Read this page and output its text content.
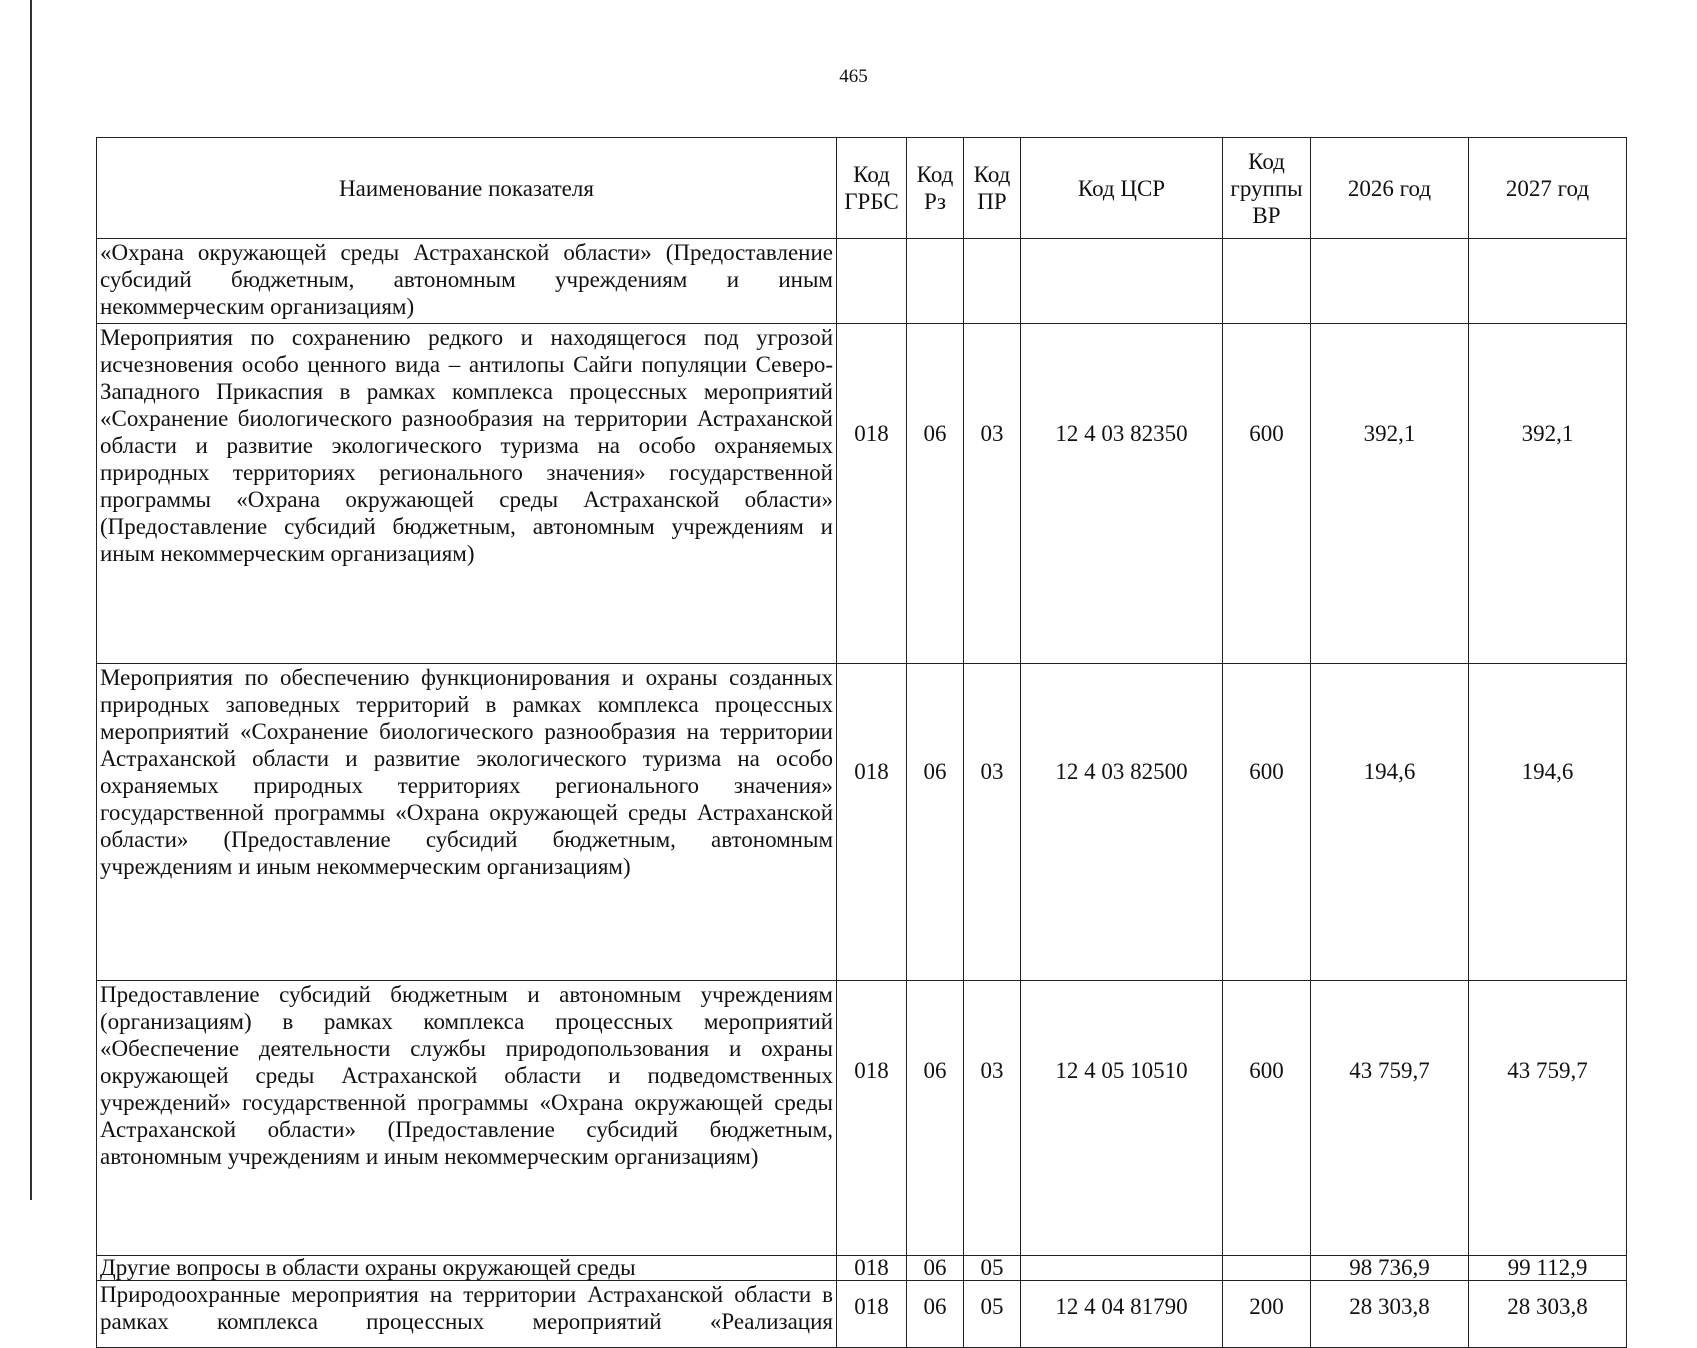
465
Наименование показателя	Код ГРБС	Код Рз	Код ПР	Код ЦСР	Код группы ВР	2026 год	2027 год
«Охрана окружающей среды Астраханской области» (Предоставление субсидий бюджетным, автономным учреждениям и иным некоммерческим организациям)							
Мероприятия по сохранению редкого и находящегося под угрозой исчезновения особо ценного вида – антилопы Сайги популяции Северо-Западного Прикаспия в рамках комплекса процессных мероприятий «Сохранение биологического разнообразия на территории Астраханской области и развитие экологического туризма на особо охраняемых природных территориях регионального значения» государственной программы «Охрана окружающей среды Астраханской области» (Предоставление субсидий бюджетным, автономным учреждениям и иным некоммерческим организациям)	018	06	03	12 4 03 82350	600	392,1	392,1
Мероприятия по обеспечению функционирования и охраны созданных природных заповедных территорий в рамках комплекса процессных мероприятий «Сохранение биологического разнообразия на территории Астраханской области и развитие экологического туризма на особо охраняемых природных территориях регионального значения» государственной программы «Охрана окружающей среды Астраханской области» (Предоставление субсидий бюджетным, автономным учреждениям и иным некоммерческим организациям)	018	06	03	12 4 03 82500	600	194,6	194,6
Предоставление субсидий бюджетным и автономным учреждениям (организациям) в рамках комплекса процессных мероприятий «Обеспечение деятельности службы природопользования и охраны окружающей среды Астраханской области и подведомственных учреждений» государственной программы «Охрана окружающей среды Астраханской области» (Предоставление субсидий бюджетным, автономным учреждениям и иным некоммерческим организациям)	018	06	03	12 4 05 10510	600	43 759,7	43 759,7
Другие вопросы в области охраны окружающей среды	018	06	05			98 736,9	99 112,9
Природоохранные мероприятия на территории Астраханской области в рамках комплекса процессных мероприятий «Реализация	018	06	05	12 4 04 81790	200	28 303,8	28 303,8
